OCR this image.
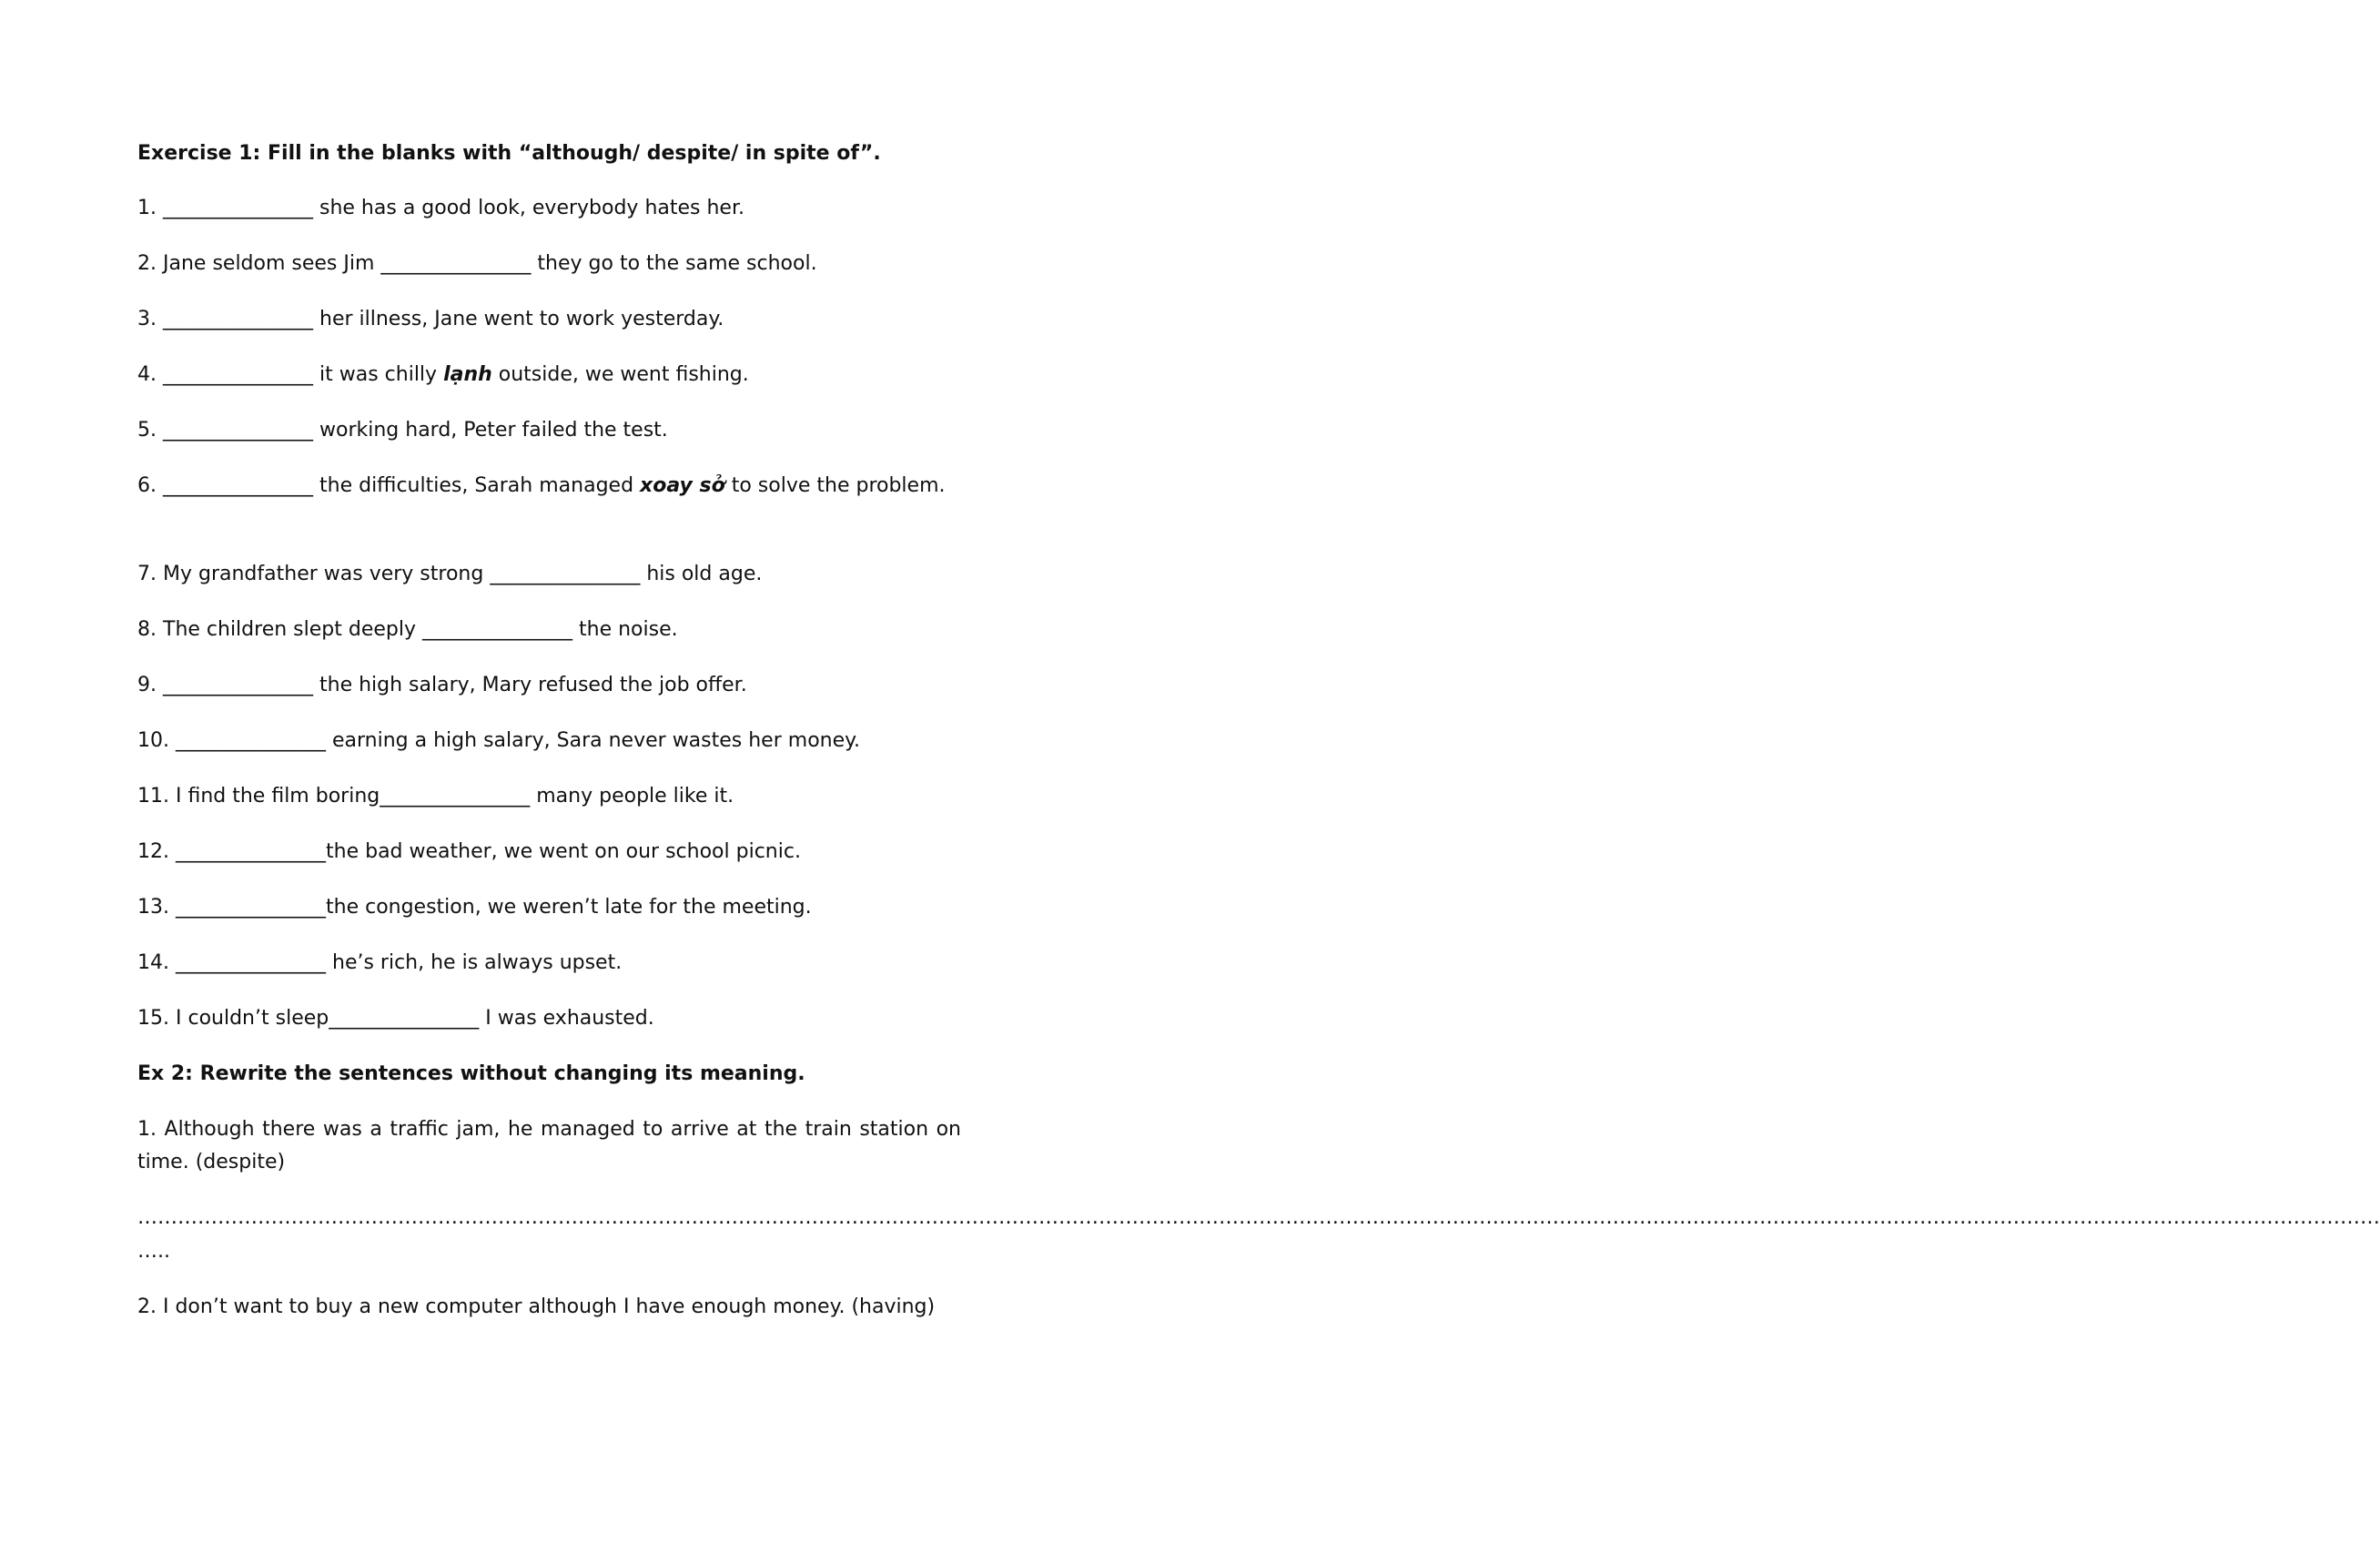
Exercise 1: Fill in the blanks with “although/ despite/ in spite of”.
1. _______________ she has a good look, everybody hates her.
2. Jane seldom sees Jim _______________ they go to the same school.
3. _______________ her illness, Jane went to work yesterday.
4. _______________ it was chilly lạnh outside, we went fishing.
5. _______________ working hard, Peter failed the test.
6. _______________ the difficulties, Sarah managed xoay sở to solve the problem.
7. My grandfather was very strong _______________ his old age.
8. The children slept deeply _______________ the noise.
9. _______________ the high salary, Mary refused the job offer.
10. _______________ earning a high salary, Sara never wastes her money.
11. I find the film boring_______________ many people like it.
12. _______________the bad weather, we went on our school picnic.
13. _______________the congestion, we weren’t late for the meeting.
14. _______________ he’s rich, he is always upset.
15. I couldn’t sleep_______________ I was exhausted.
Ex 2: Rewrite the sentences without changing its meaning.
1. Although there was a traffic jam, he managed to arrive at the train station on time. (despite)
…………………………………………………………………………………………………………………………………………………………………………………………………………………………………………………………………………………………………………
…..
2. I don’t want to buy a new computer although I have enough money. (having)
